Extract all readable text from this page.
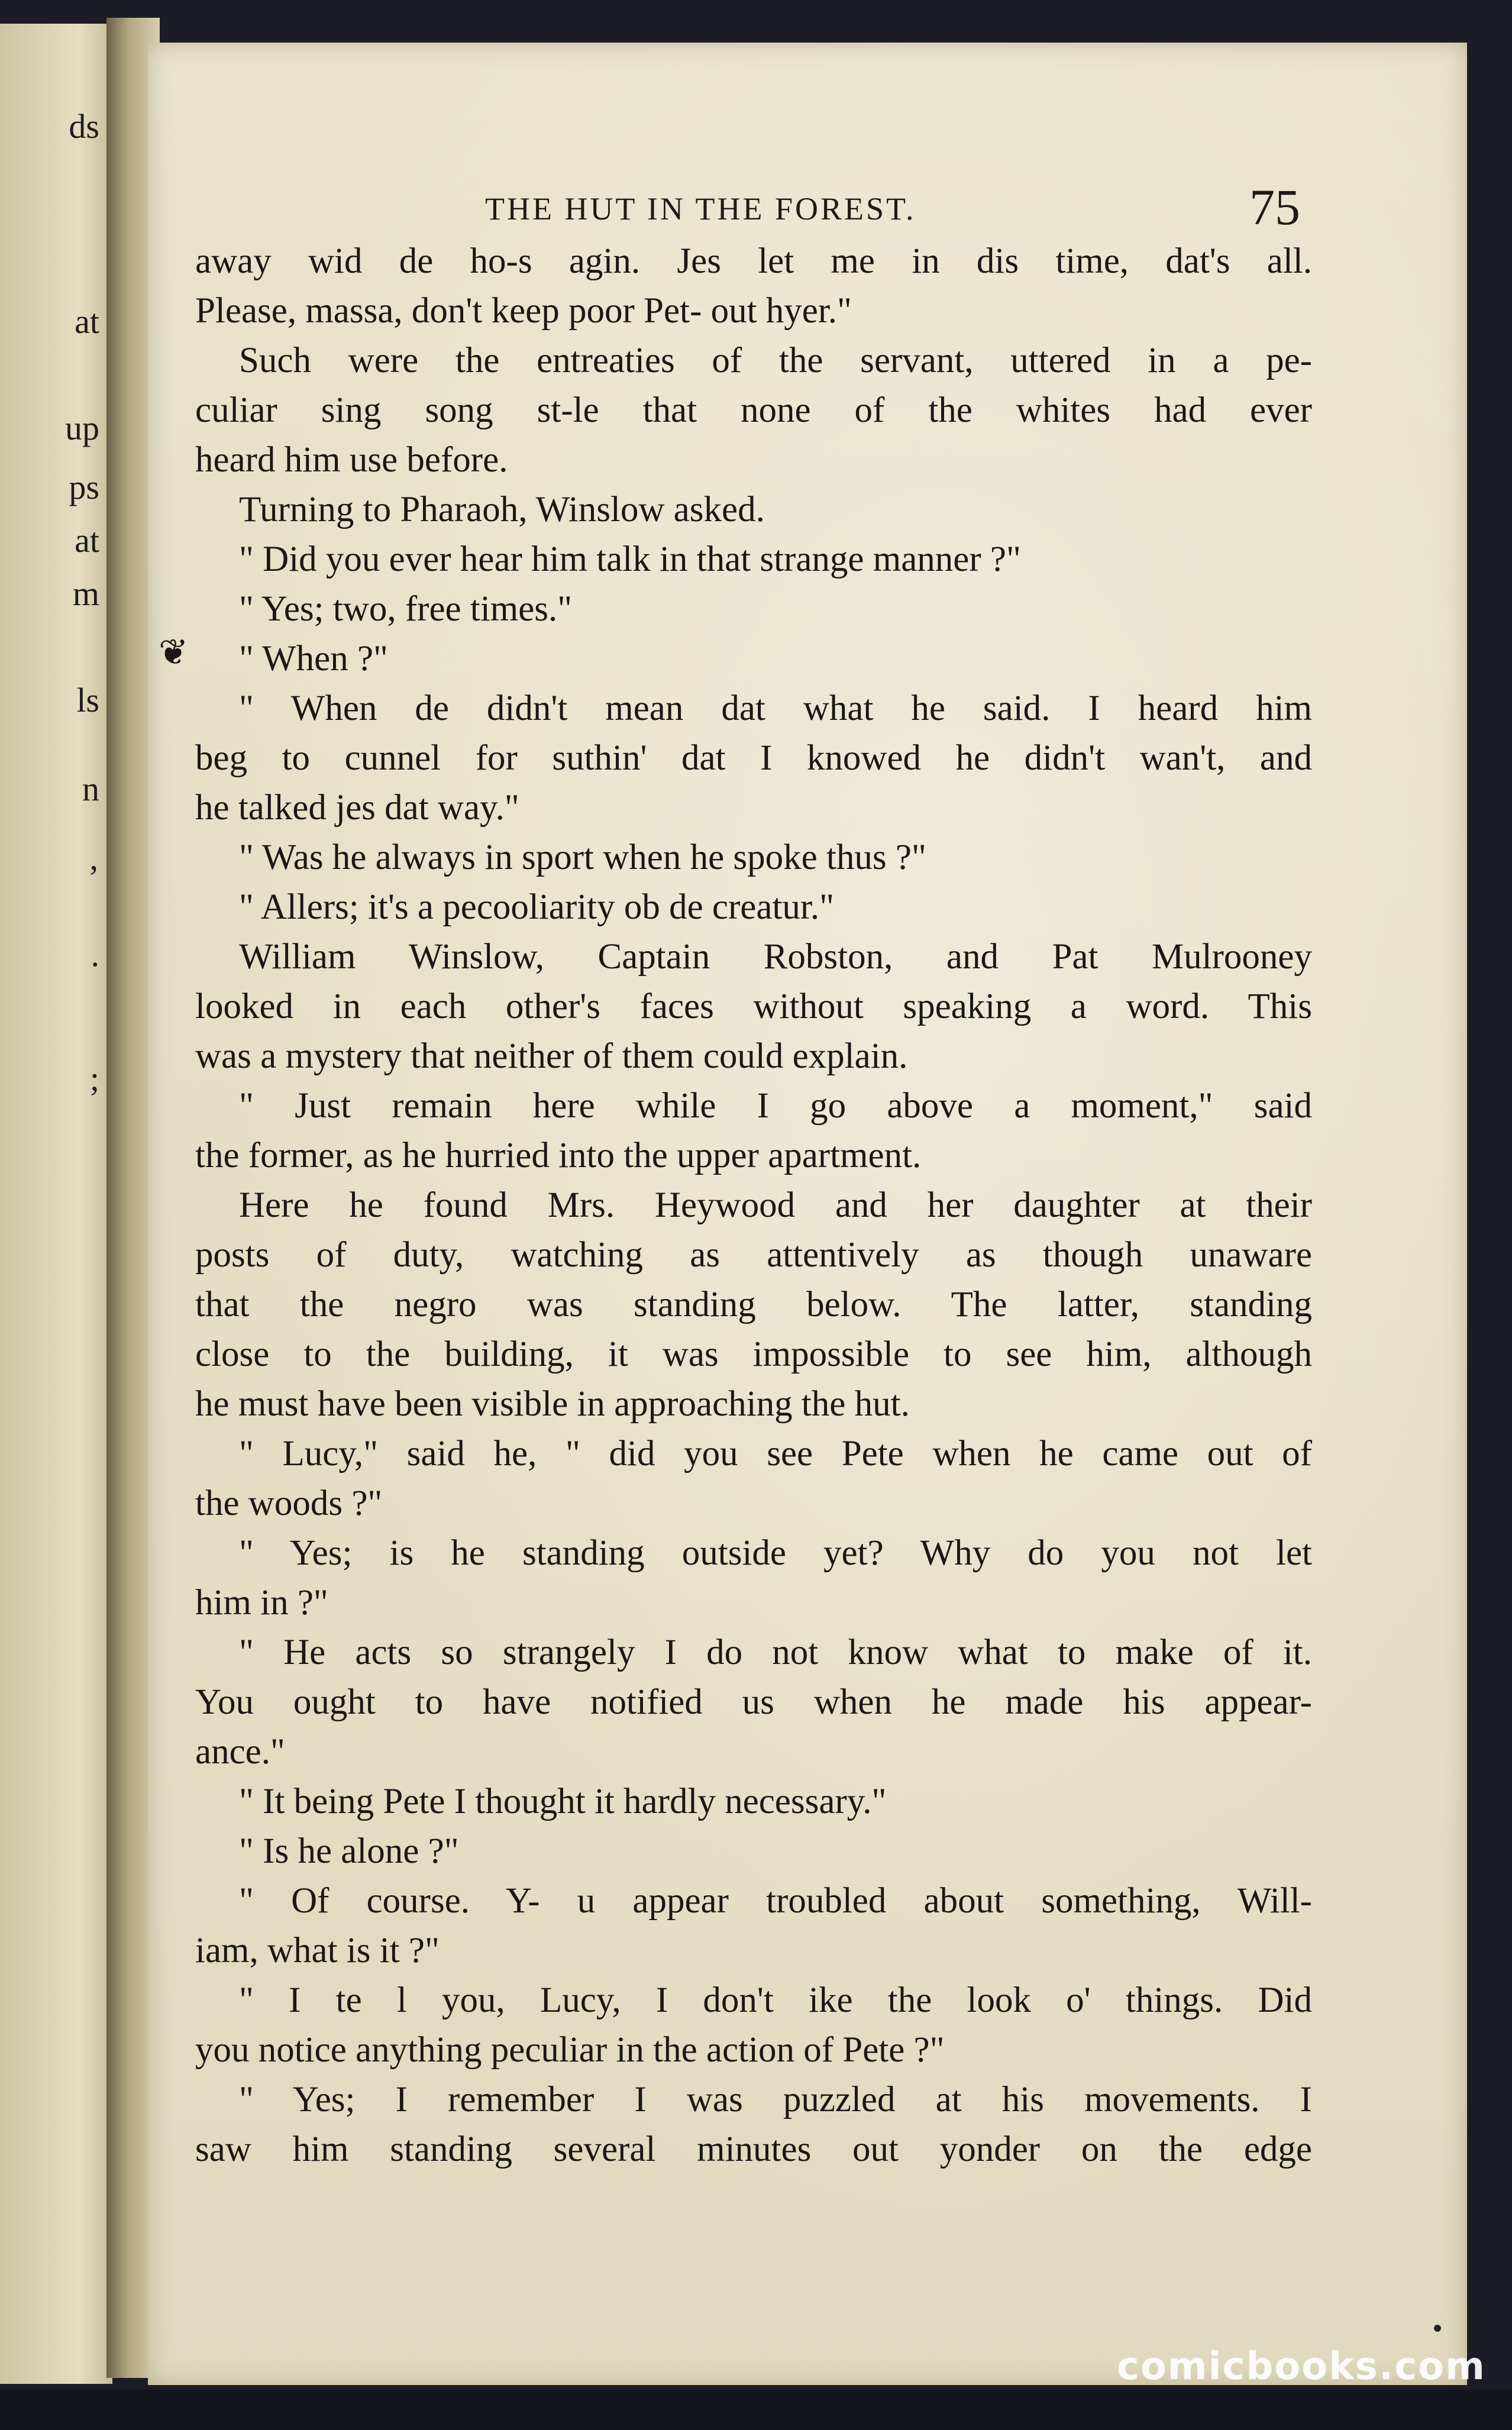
ds
at
up
ps
at
m
ls
n
’
.
;
THE HUT IN THE FOREST.	75
away wid de ho-s agin. Jes let me in dis time, dat's all.
Please, massa, don't keep poor Pet- out hyer."
Such were the entreaties of the servant, uttered in a pe-
culiar sing song st-le that none of the whites had ever
heard him use before.
Turning to Pharaoh, Winslow asked.
" Did you ever hear him talk in that strange manner ?"
" Yes; two, free times."
" When ?"
" When de didn't mean dat what he said. I heard him
beg to cunnel for suthin' dat I knowed he didn't wan't, and
he talked jes dat way."
" Was he always in sport when he spoke thus ?"
" Allers; it's a pecooliarity ob de creatur."
William Winslow, Captain Robston, and Pat Mulrooney
looked in each other's faces without speaking a word. This
was a mystery that neither of them could explain.
" Just remain here while I go above a moment," said
the former, as he hurried into the upper apartment.
Here he found Mrs. Heywood and her daughter at their
posts of duty, watching as attentively as though unaware
that the negro was standing below. The latter, standing
close to the building, it was impossible to see him, although
he must have been visible in approaching the hut.
" Lucy," said he, " did you see Pete when he came out of
the woods ?"
" Yes; is he standing outside yet? Why do you not let
him in ?"
" He acts so strangely I do not know what to make of it.
You ought to have notified us when he made his appear-
ance."
" It being Pete I thought it hardly necessary."
" Is he alone ?"
" Of course. Y- u appear troubled about something, Will-
iam, what is it ?"
" I te l you, Lucy, I don't ike the look o' things. Did
you notice anything peculiar in the action of Pete ?"
" Yes; I remember I was puzzled at his movements. I
saw him standing several minutes out yonder on the edge
❦
comicbooks.com
